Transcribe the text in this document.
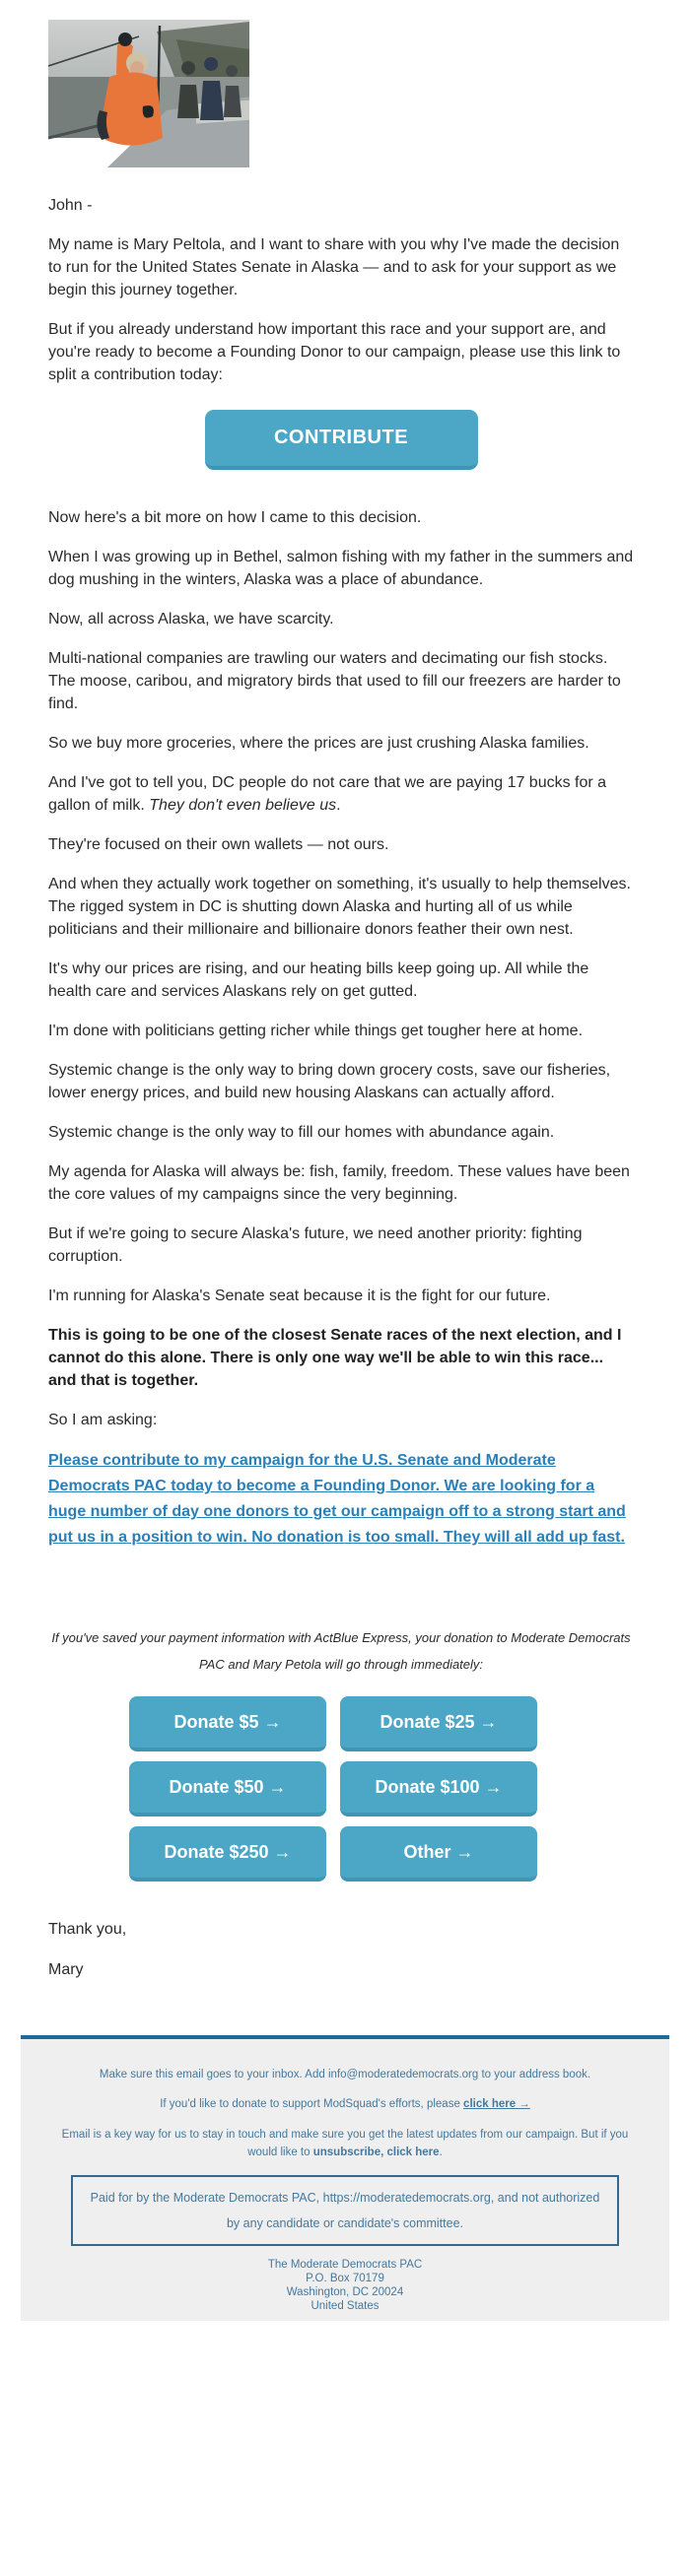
John -

My name is Mary Peltola, and I want to share with you why I've made the decision to run for the United States Senate in Alaska — and to ask for your support as we begin this journey together.

But if you already understand how important this race and your support are, and you're ready to become a Founding Donor to our campaign, please use this link to split a contribution today:

CONTRIBUTE

Now here's a bit more on how I came to this decision.

When I was growing up in Bethel, salmon fishing with my father in the summers and dog mushing in the winters, Alaska was a place of abundance.

Now, all across Alaska, we have scarcity.

Multi-national companies are trawling our waters and decimating our fish stocks. The moose, caribou, and migratory birds that used to fill our freezers are harder to find.

So we buy more groceries, where the prices are just crushing Alaska families.

And I've got to tell you, DC people do not care that we are paying 17 bucks for a gallon of milk. They don't even believe us.

They're focused on their own wallets — not ours.

And when they actually work together on something, it's usually to help themselves. The rigged system in DC is shutting down Alaska and hurting all of us while politicians and their millionaire and billionaire donors feather their own nest.

It's why our prices are rising, and our heating bills keep going up. All while the health care and services Alaskans rely on get gutted.

I'm done with politicians getting richer while things get tougher here at home.

Systemic change is the only way to bring down grocery costs, save our fisheries, lower energy prices, and build new housing Alaskans can actually afford.

Systemic change is the only way to fill our homes with abundance again.

My agenda for Alaska will always be: fish, family, freedom. These values have been the core values of my campaigns since the very beginning.

But if we're going to secure Alaska's future, we need another priority: fighting corruption.

I'm running for Alaska's Senate seat because it is the fight for our future.

This is going to be one of the closest Senate races of the next election, and I cannot do this alone. There is only one way we'll be able to win this race... and that is together.

So I am asking:

Please contribute to my campaign for the U.S. Senate and Moderate Democrats PAC today to become a Founding Donor. We are looking for a huge number of day one donors to get our campaign off to a strong start and put us in a position to win. No donation is too small. They will all add up fast.

If you've saved your payment information with ActBlue Express, your donation to Moderate Democrats PAC and Mary Petola will go through immediately:

Donate $5 →	Donate $25 →
Donate $50 →	Donate $100 →
Donate $250 →	Other →

Thank you,

Mary

Make sure this email goes to your inbox. Add info@moderatedemocrats.org to your address book.

If you'd like to donate to support ModSquad's efforts, please click here →

Email is a key way for us to stay in touch and make sure you get the latest updates from our campaign. But if you would like to unsubscribe, click here.

Paid for by the Moderate Democrats PAC, https://moderatedemocrats.org, and not authorized by any candidate or candidate's committee.
The Moderate Democrats PAC
P.O. Box 70179
Washington, DC 20024
United States
